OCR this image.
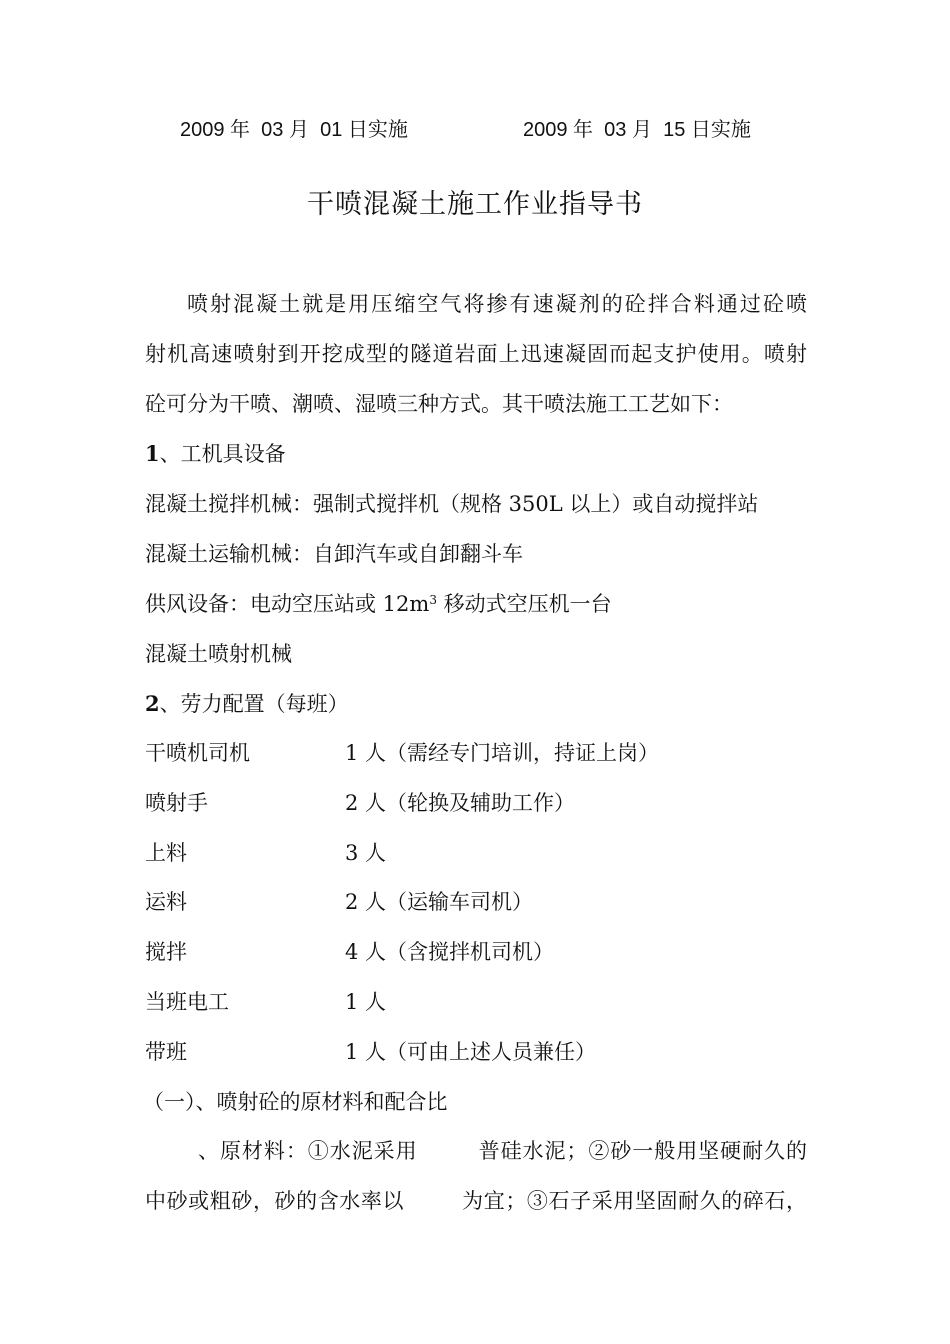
2009 年  03 月  01 日实施	2009 年  03 月  15 日实施
干喷混凝土施工作业指导书
喷射混凝土就是用压缩空气将掺有速凝剂的砼拌合料通过砼喷
射机高速喷射到开挖成型的隧道岩面上迅速凝固而起支护使用。喷射
砼可分为干喷、潮喷、湿喷三种方式。其干喷法施工工艺如下：
1、工机具设备
混凝土搅拌机械：强制式搅拌机（规格 350L 以上）或自动搅拌站
混凝土运输机械：自卸汽车或自卸翻斗车
供风设备：电动空压站或 $12m^3$ 移动式空压机一台
混凝土喷射机械
2、劳力配置（每班）
干喷机司机	1 人（需经专门培训，持证上岗）
喷射手	2 人（轮换及辅助工作）
上料	3 人
运料	2 人（运输车司机）
搅拌	4 人（含搅拌机司机）
当班电工	1 人
带班	1 人（可由上述人员兼任）
（一）、喷射砼的原材料和配合比
、原材料：①水泥采用        普硅水泥；②砂一般用坚硬耐久的
中砂或粗砂，砂的含水率以        为宜；③石子采用坚固耐久的碎石，
